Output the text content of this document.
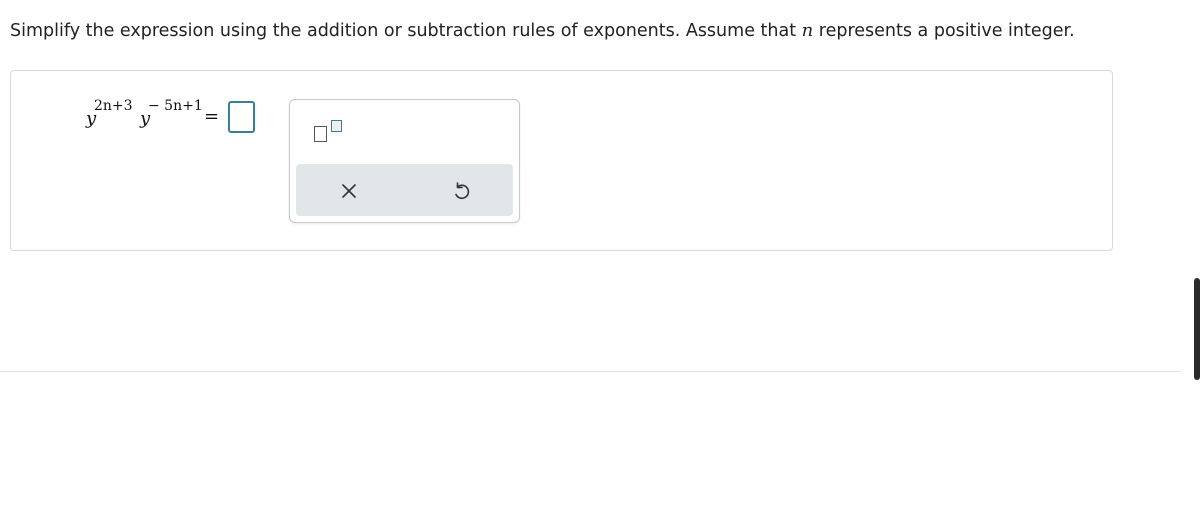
Simplify the expression using the addition or subtraction rules of exponents. Assume that n represents a positive integer.
y
2n+3
y
− 5n+1 =
